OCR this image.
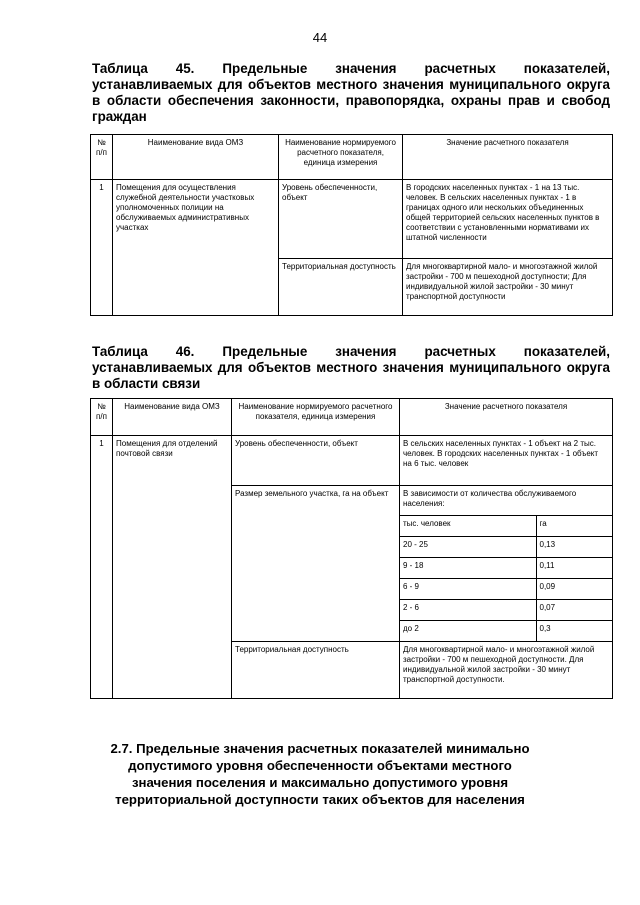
44
Таблица 45. Предельные значения расчетных показателей, устанавливаемых для объектов местного значения муниципального округа в области обеспечения законности, правопорядка, охраны прав и свобод граждан
№ п/п	Наименование вида ОМЗ	Наименование нормируемого расчетного показателя, единица измерения	Значение расчетного показателя
1	Помещения для осуществления служебной деятельности участковых уполномоченных полиции на обслуживаемых административных участках	Уровень обеспеченности, объект	В городских населенных пунктах - 1 на 13 тыс. человек. В сельских населенных пунктах - 1 в границах одного или нескольких объединенных общей территорией сельских населенных пунктов в соответствии с установленными нормативами их штатной численности
		Территориальная доступность	Для многоквартирной мало- и многоэтажной жилой застройки - 700 м пешеходной доступности; Для индивидуальной жилой застройки - 30 минут транспортной доступности
Таблица 46. Предельные значения расчетных показателей, устанавливаемых для объектов местного значения муниципального округа в области связи
№ п/п	Наименование вида ОМЗ	Наименование нормируемого расчетного показателя, единица измерения	Значение расчетного показателя
1	Помещения для отделений почтовой связи	Уровень обеспеченности, объект	В сельских населенных пунктах - 1 объект на 2 тыс. человек. В городских населенных пунктах - 1 объект на 6 тыс. человек
Размер земельного участка, га на объект	В зависимости от количества обслуживаемого населения:
тыс. человек	га
20 - 25	0,13
9 - 18	0,11
6 - 9	0,09
2 - 6	0,07
до 2	0,3

Территориальная доступность	Для многоквартирной мало- и многоэтажной жилой застройки - 700 м пешеходной доступности. Для индивидуальной жилой застройки - 30 минут транспортной доступности.
2.7. Предельные значения расчетных показателей минимально допустимого уровня обеспеченности объектами местного значения поселения и максимально допустимого уровня территориальной доступности таких объектов для населения
